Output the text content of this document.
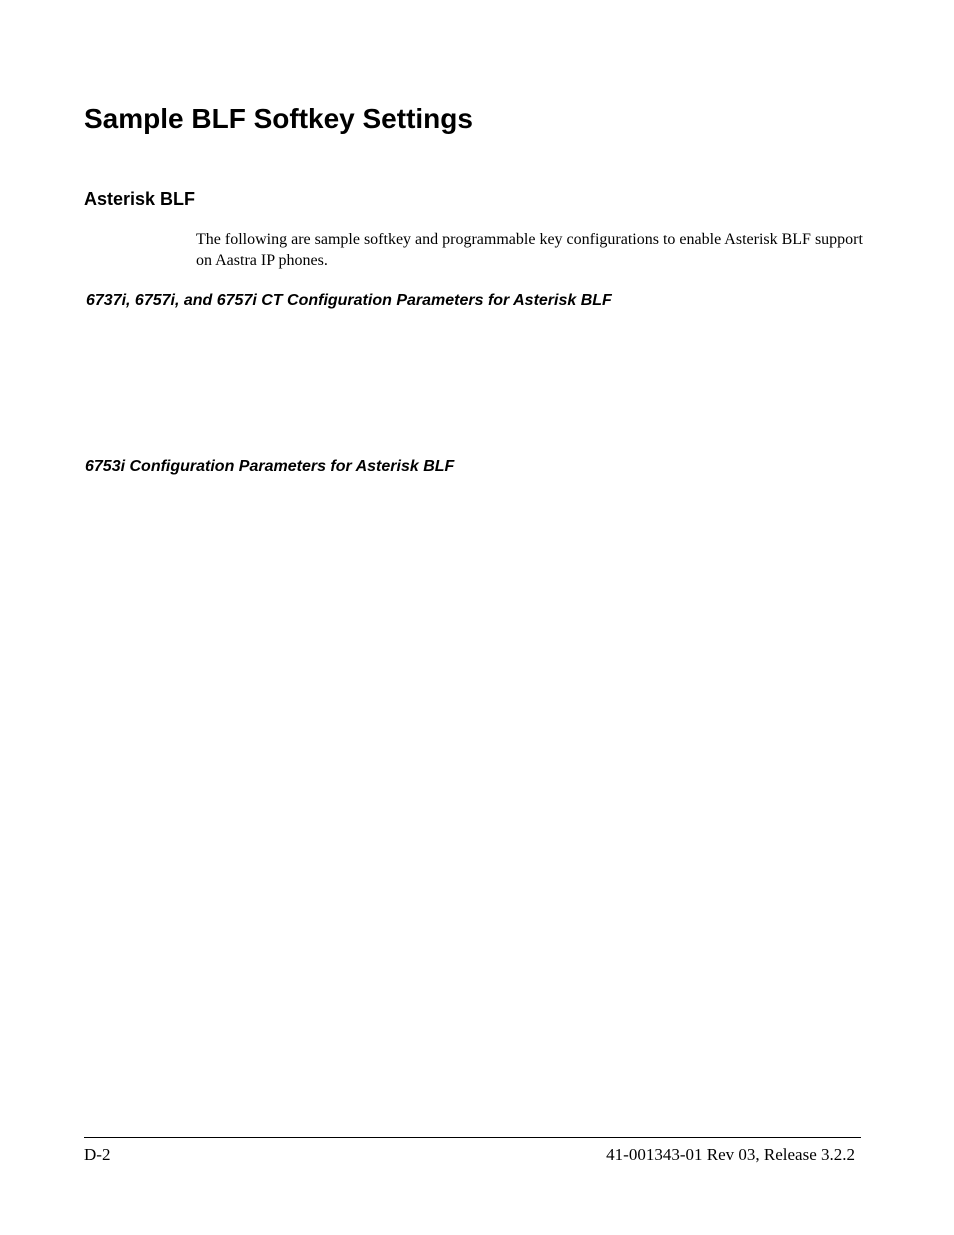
Sample BLF Softkey Settings
Asterisk BLF

The following are sample softkey and programmable key configurations to enable Asterisk BLF support on Aastra IP phones.

6737i, 6757i, and 6757i CT Configuration Parameters for Asterisk BLF
6753i Configuration Parameters for Asterisk BLF

D-2	41-001343-01 Rev 03, Release 3.2.2
